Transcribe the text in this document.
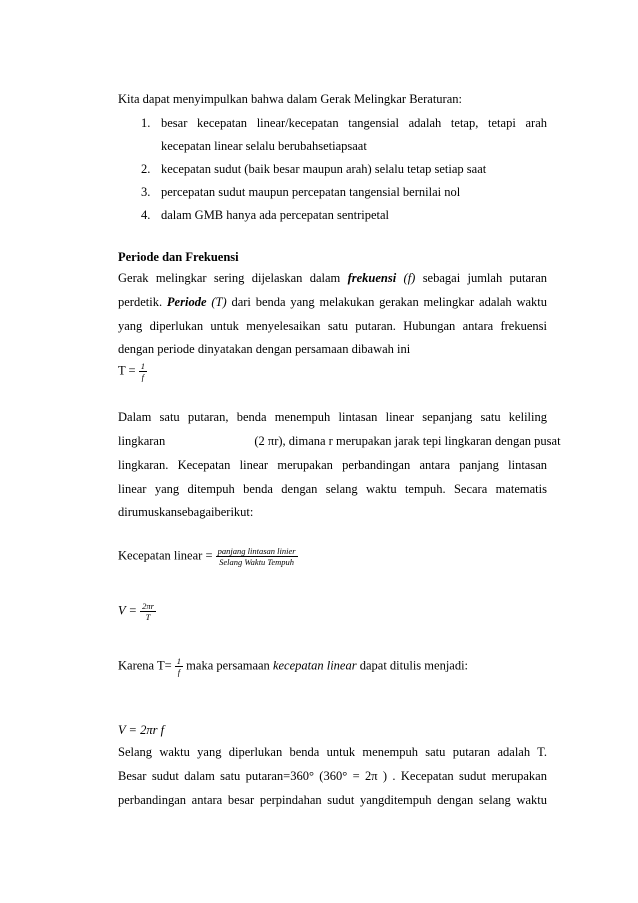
Kita dapat menyimpulkan bahwa dalam Gerak Melingkar Beraturan:
1. besar kecepatan linear/kecepatan tangensial adalah tetap, tetapi arah
kecepatan linear selalu berubahsetiapsaat
2. kecepatan sudut (baik besar maupun arah) selalu tetap setiap saat
3. percepatan sudut maupun percepatan tangensial bernilai nol
4. dalam GMB hanya ada percepatan sentripetal
Periode dan Frekuensi
Gerak melingkar sering dijelaskan dalam frekuensi (f) sebagai jumlah putaran
perdetik. Periode (T) dari benda yang melakukan gerakan melingkar adalah waktu
yang diperlukan untuk menyelesaikan satu putaran. Hubungan antara frekuensi
dengan periode dinyatakan dengan persamaan dibawah ini
$T = \frac{1}{f}$
Dalam satu putaran, benda menempuh lintasan linear sepanjang satu keliling
lingkaran	(2 πr), dimana r merupakan jarak tepi lingkaran dengan pusat
lingkaran. Kecepatan linear merupakan perbandingan antara panjang lintasan
linear yang ditempuh benda dengan selang waktu tempuh. Secara matematis
dirumuskansebagaiberikut:
Kecepatan linear = $\frac{\text{panjang lintasan linier}}{\text{Selang Waktu Tempuh}}$
$V = \frac{2\pi r}{T}$
Karena $T= \frac{1}{f}$ maka persamaan kecepatan linear dapat ditulis menjadi:
V = 2πr f
Selang waktu yang diperlukan benda untuk menempuh satu putaran adalah T.
Besar sudut dalam satu putaran=360° (360° = 2π ) . Kecepatan sudut merupakan
perbandingan antara besar perpindahan sudut yangditempuh dengan selang waktu
